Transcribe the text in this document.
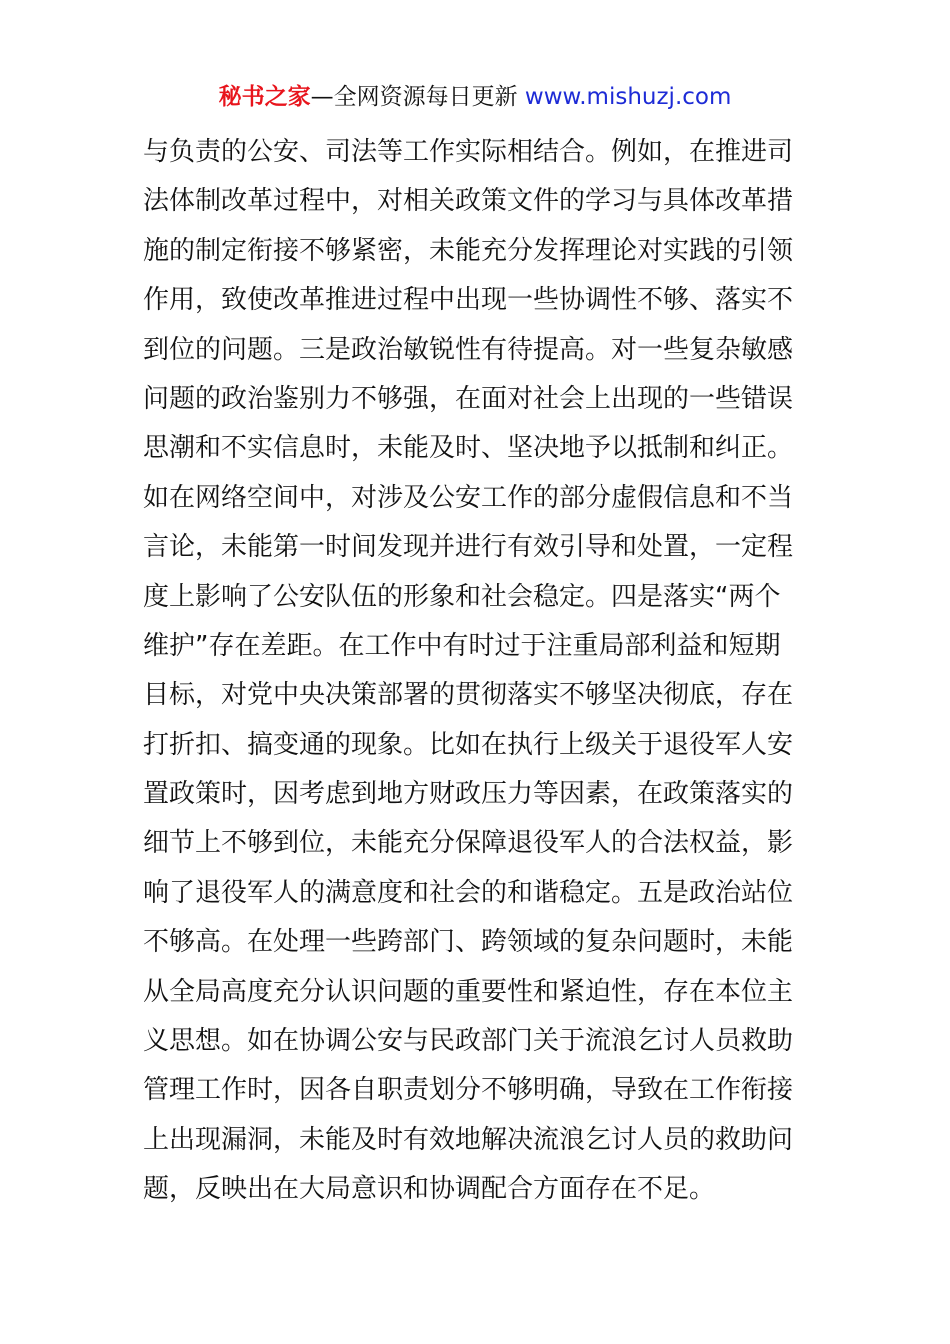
秘书之家—全网资源每日更新 www.mishuzj.com
与负责的公安、司法等工作实际相结合。例如，在推进司
法体制改革过程中，对相关政策文件的学习与具体改革措
施的制定衔接不够紧密，未能充分发挥理论对实践的引领
作用，致使改革推进过程中出现一些协调性不够、落实不
到位的问题。三是政治敏锐性有待提高。对一些复杂敏感
问题的政治鉴别力不够强，在面对社会上出现的一些错误
思潮和不实信息时，未能及时、坚决地予以抵制和纠正。
如在网络空间中，对涉及公安工作的部分虚假信息和不当
言论，未能第一时间发现并进行有效引导和处置，一定程
度上影响了公安队伍的形象和社会稳定。四是落实“两个
维护”存在差距。在工作中有时过于注重局部利益和短期
目标，对党中央决策部署的贯彻落实不够坚决彻底，存在
打折扣、搞变通的现象。比如在执行上级关于退役军人安
置政策时，因考虑到地方财政压力等因素，在政策落实的
细节上不够到位，未能充分保障退役军人的合法权益，影
响了退役军人的满意度和社会的和谐稳定。五是政治站位
不够高。在处理一些跨部门、跨领域的复杂问题时，未能
从全局高度充分认识问题的重要性和紧迫性，存在本位主
义思想。如在协调公安与民政部门关于流浪乞讨人员救助
管理工作时，因各自职责划分不够明确，导致在工作衔接
上出现漏洞，未能及时有效地解决流浪乞讨人员的救助问
题，反映出在大局意识和协调配合方面存在不足。
